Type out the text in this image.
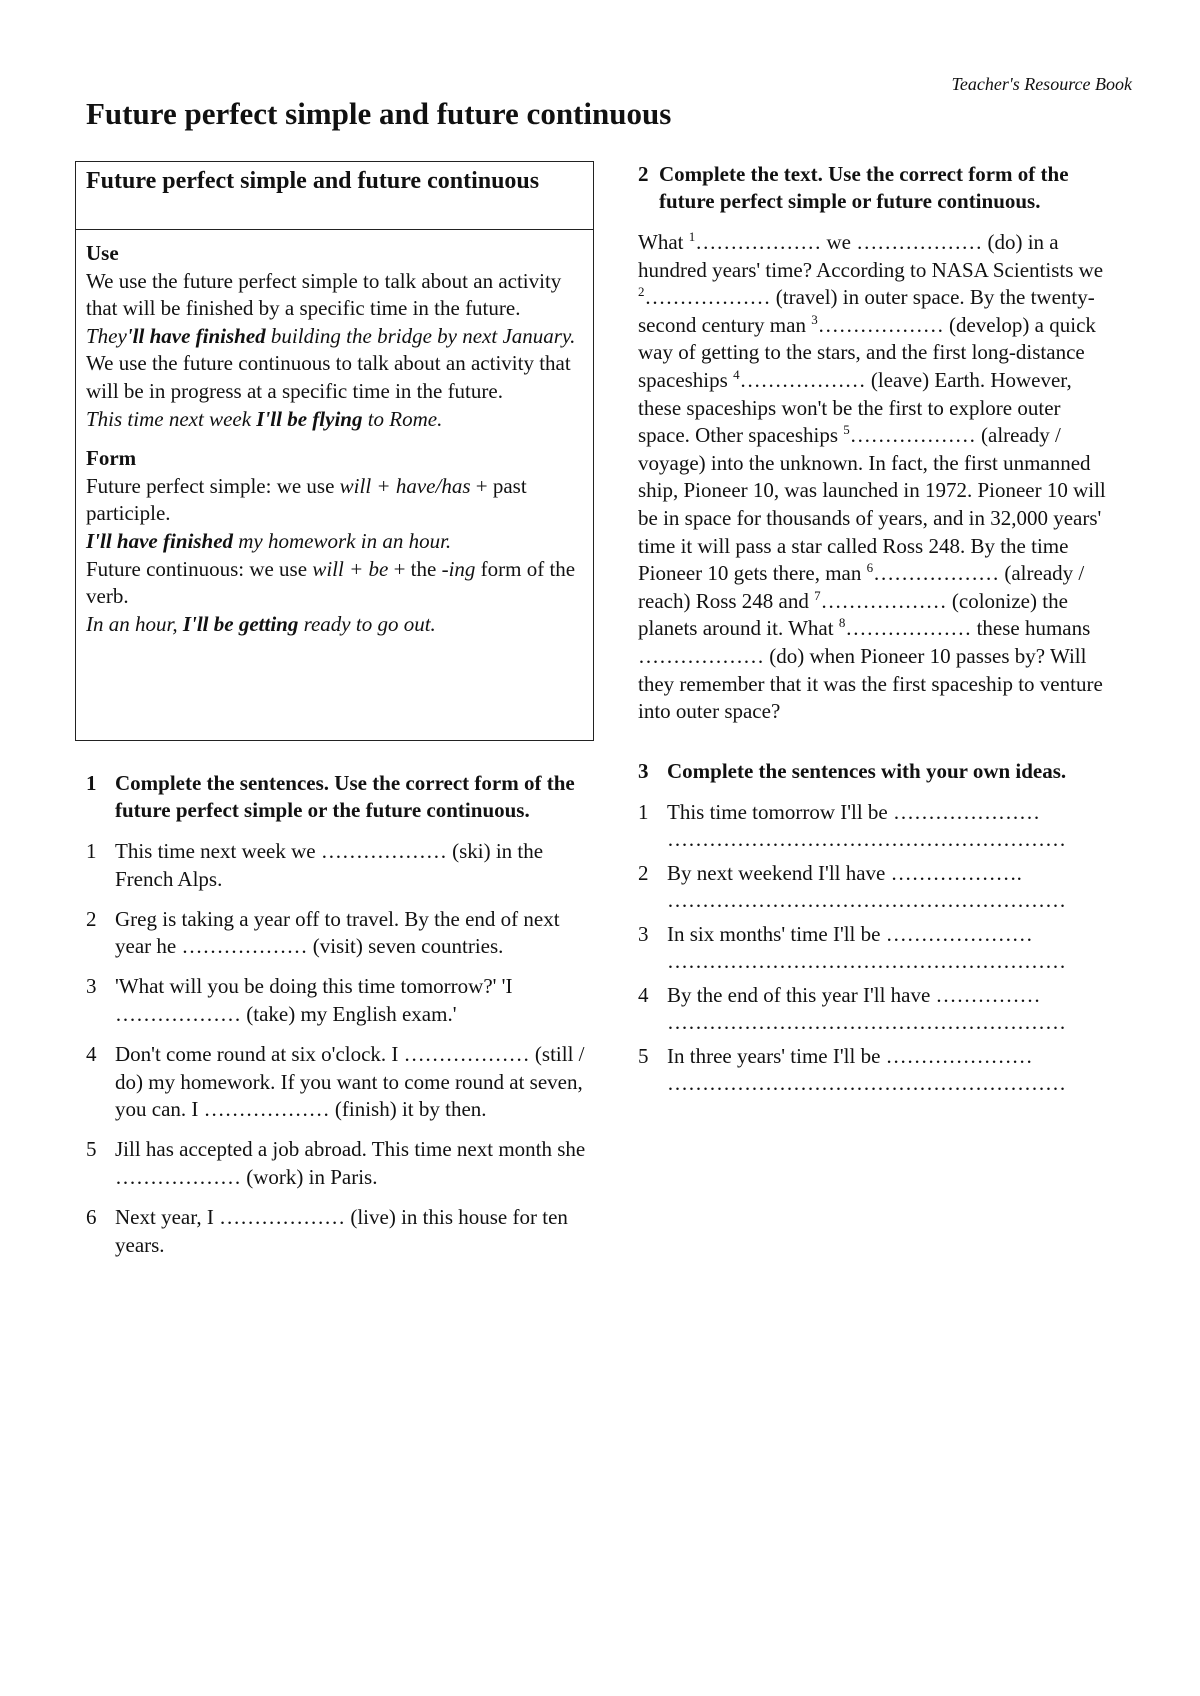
Teacher's Resource Book
Future perfect simple and future continuous
Future perfect simple and future continuous

Use

We use the future perfect simple to talk about an activity that will be finished by a specific time in the future.

They'll have finished building the bridge by next January.

We use the future continuous to talk about an activity that will be in progress at a specific time in the future.

This time next week I'll be flying to Rome.

Form

Future perfect simple: we use will + have/has + past participle.

I'll have finished my homework in an hour.

Future continuous: we use will + be + the -ing form of the verb.

In an hour, I'll be getting ready to go out.

1 Complete the sentences. Use the correct form of the future perfect simple or the future continuous.
1 This time next week we ……………… (ski) in the French Alps.
2 Greg is taking a year off to travel. By the end of next year he ……………… (visit) seven countries.
3 'What will you be doing this time tomorrow?' 'I ……………… (take) my English exam.'
4 Don't come round at six o'clock. I ……………… (still / do) my homework. If you want to come round at seven, you can. I ……………… (finish) it by then.
5 Jill has accepted a job abroad. This time next month she ……………… (work) in Paris.
6 Next year, I ……………… (live) in this house for ten years.
2
Complete the text. Use the correct form of the future perfect simple or future continuous.
What $^1$……………… we ……………… (do) in a hundred years' time? According to NASA Scientists we $^2$……………… (travel) in outer space. By the twenty-second century man $^3$……………… (develop) a quick way of getting to the stars, and the first long-distance spaceships $^4$……………… (leave) Earth. However, these spaceships won't be the first to explore outer space. Other spaceships $^5$……………… (already / voyage) into the unknown. In fact, the first unmanned ship, Pioneer 10, was launched in 1972. Pioneer 10 will be in space for thousands of years, and in 32,000 years' time it will pass a star called Ross 248. By the time Pioneer 10 gets there, man $^6$……………… (already / reach) Ross 248 and $^7$……………… (colonize) the planets around it. What $^8$……………… these humans ……………… (do) when Pioneer 10 passes by? Will they remember that it was the first spaceship to venture into outer space?
3 Complete the sentences with your own ideas.
1 This time tomorrow I'll be …………………
…………………………………………………
2 By next weekend I'll have ……………….
…………………………………………………
3 In six months' time I'll be …………………
…………………………………………………
4 By the end of this year I'll have ……………
…………………………………………………
5 In three years' time I'll be …………………
…………………………………………………
